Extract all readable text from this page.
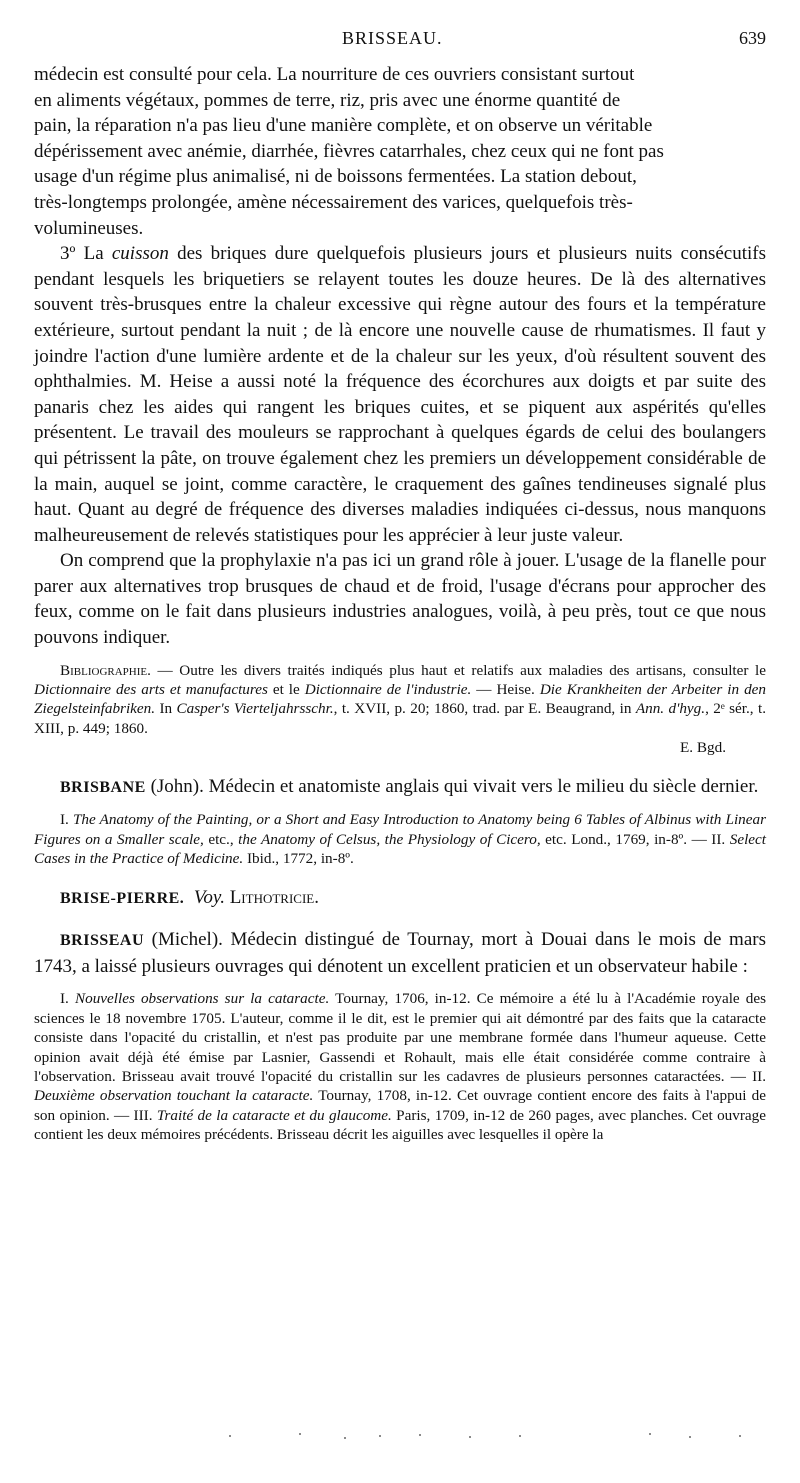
BRISSEAU.	639
médecin est consulté pour cela. La nourriture de ces ouvriers consistant surtout
en aliments végétaux, pommes de terre, riz, pris avec une énorme quantité de
pain, la réparation n'a pas lieu d'une manière complète, et on observe un véritable
dépérissement avec anémie, diarrhée, fièvres catarrhales, chez ceux qui ne font pas
usage d'un régime plus animalisé, ni de boissons fermentées. La station debout,
très-longtemps prolongée, amène nécessairement des varices, quelquefois très-
volumineuses.

3º La cuisson des briques dure quelquefois plusieurs jours et plusieurs nuits consécutifs pendant lesquels les briquetiers se relayent toutes les douze heures. De là des alternatives souvent très-brusques entre la chaleur excessive qui règne autour des fours et la température extérieure, surtout pendant la nuit ; de là encore une nouvelle cause de rhumatismes. Il faut y joindre l'action d'une lumière ardente et de la chaleur sur les yeux, d'où résultent souvent des ophthalmies. M. Heise a aussi noté la fréquence des écorchures aux doigts et par suite des panaris chez les aides qui rangent les briques cuites, et se piquent aux aspérités qu'elles présentent. Le travail des mouleurs se rapprochant à quelques égards de celui des boulangers qui pétrissent la pâte, on trouve également chez les premiers un développement considérable de la main, auquel se joint, comme caractère, le craquement des gaînes tendineuses signalé plus haut. Quant au degré de fréquence des diverses maladies indiquées ci-dessus, nous manquons malheureusement de relevés statistiques pour les apprécier à leur juste valeur.

On comprend que la prophylaxie n'a pas ici un grand rôle à jouer. L'usage de la flanelle pour parer aux alternatives trop brusques de chaud et de froid, l'usage d'écrans pour approcher des feux, comme on le fait dans plusieurs industries analogues, voilà, à peu près, tout ce que nous pouvons indiquer.

Bibliographie. — Outre les divers traités indiqués plus haut et relatifs aux maladies des artisans, consulter le Dictionnaire des arts et manufactures et le Dictionnaire de l'industrie. — Heise. Die Krankheiten der Arbeiter in den Ziegelsteinfabriken. In Casper's Vierteljahrsschr., t. XVII, p. 20; 1860, trad. par E. Beaugrand, in Ann. d'hyg., 2ᵉ sér., t. XIII, p. 449; 1860.

E. Bgd.

BRISBANE (John). Médecin et anatomiste anglais qui vivait vers le milieu du siècle dernier.

I. The Anatomy of the Painting, or a Short and Easy Introduction to Anatomy being 6 Tables of Albinus with Linear Figures on a Smaller scale, etc., the Anatomy of Celsus, the Physiology of Cicero, etc. Lond., 1769, in-8º. — II. Select Cases in the Practice of Medicine. Ibid., 1772, in-8º.

BRISE-PIERRE. Voy. Lithotricie.

BRISSEAU (Michel). Médecin distingué de Tournay, mort à Douai dans le mois de mars 1743, a laissé plusieurs ouvrages qui dénotent un excellent praticien et un observateur habile :

I. Nouvelles observations sur la cataracte. Tournay, 1706, in-12. Ce mémoire a été lu à l'Académie royale des sciences le 18 novembre 1705. L'auteur, comme il le dit, est le premier qui ait démontré par des faits que la cataracte consiste dans l'opacité du cristallin, et n'est pas produite par une membrane formée dans l'humeur aqueuse. Cette opinion avait déjà été émise par Lasnier, Gassendi et Rohault, mais elle était considérée comme contraire à l'observation. Brisseau avait trouvé l'opacité du cristallin sur les cadavres de plusieurs personnes cataractées. — II. Deuxième observation touchant la cataracte. Tournay, 1708, in-12. Cet ouvrage contient encore des faits à l'appui de son opinion. — III. Traité de la cataracte et du glaucome. Paris, 1709, in-12 de 260 pages, avec planches. Cet ouvrage contient les deux mémoires précédents. Brisseau décrit les aiguilles avec lesquelles il opère la
